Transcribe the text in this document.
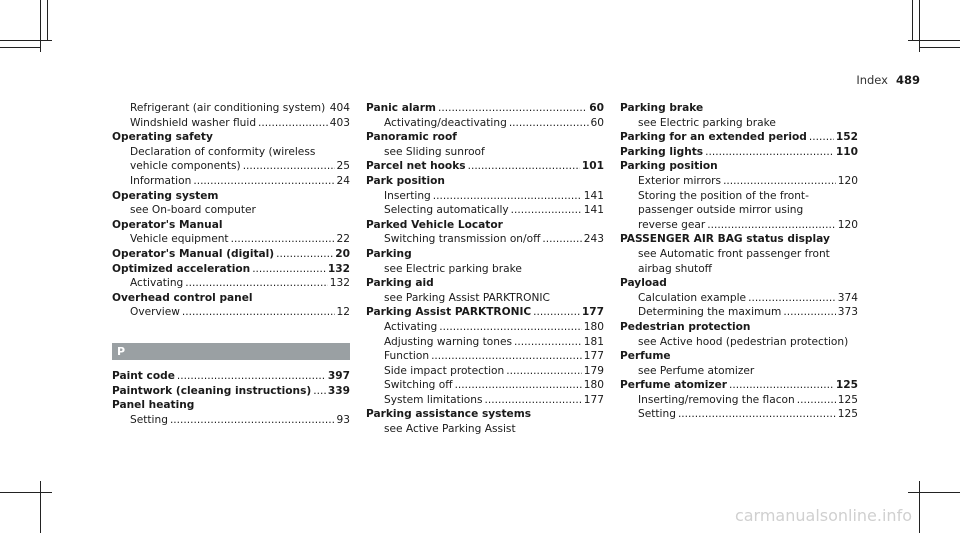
Index 489
Refrigerant (air conditioning system) ..... 404
Windshield washer fluid .....	403
Operating safety
Declaration of conformity (wireless
vehicle components) .....	25
Information .....	24
Operating system
see On-board computer
Operator's Manual
Vehicle equipment .....	22
Operator's Manual (digital) .....	20
Optimized acceleration .....	132
Activating .....	132
Overhead control panel
Overview .....	12
P
Paint code .....	397
Paintwork (cleaning instructions) ..... 339
Panel heating
Setting .....	93
Panic alarm .....	60
Activating/deactivating .....	60
Panoramic roof
see Sliding sunroof
Parcel net hooks .....	101
Park position
Inserting .....	141
Selecting automatically .....	141
Parked Vehicle Locator
Switching transmission on/off .....	243
Parking
see Electric parking brake
Parking aid
see Parking Assist PARKTRONIC
Parking Assist PARKTRONIC .....	177
Activating .....	180
Adjusting warning tones .....	181
Function .....	177
Side impact protection .....	179
Switching off .....	180
System limitations .....	177
Parking assistance systems
see Active Parking Assist
Parking brake
see Electric parking brake
Parking for an extended period .....	152
Parking lights .....	110
Parking position
Exterior mirrors .....	120
Storing the position of the front-
passenger outside mirror using
reverse gear .....	120
PASSENGER AIR BAG status display
see Automatic front passenger front
airbag shutoff
Payload
Calculation example .....	374
Determining the maximum .....	373
Pedestrian protection
see Active hood (pedestrian protection)
Perfume
see Perfume atomizer
Perfume atomizer .....	125
Inserting/removing the flacon .....	125
Setting .....	125
carmanualsonline.info
